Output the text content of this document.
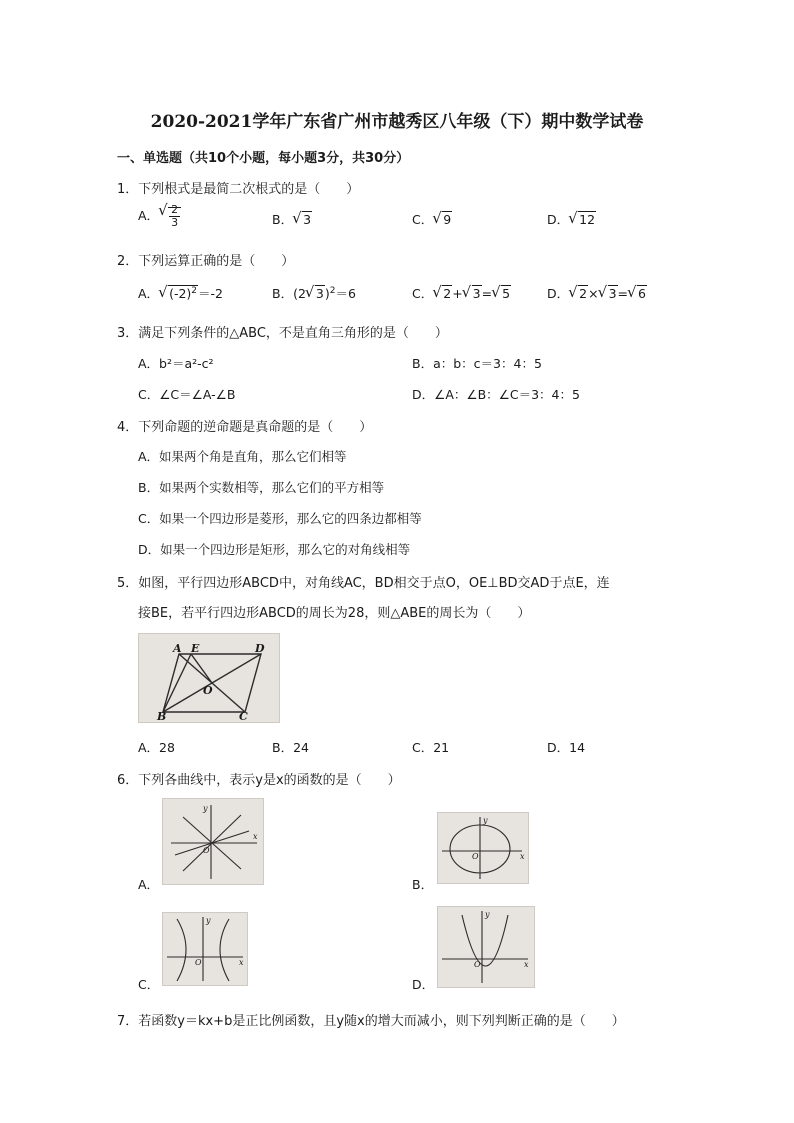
2020-2021学年广东省广州市越秀区八年级（下）期中数学试卷
一、单选题（共10个小题，每小题3分，共30分）
1．下列根式是最简二次根式的是（　　）
A． √ $\frac{2}{3}$	B． √ 3	C． √ 9	D． √ 12
2．下列运算正确的是（　　）
A． √ $(-2)^2=-2$	B．(2 √ 3)$^2$＝6	C． √ 2+ √ 3= √ 5	D． √ 2× √ 3= √ 6
3．满足下列条件的△ABC，不是直角三角形的是（　　）
A．b²＝a²-c²	B．a：b：c＝3：4：5
C．∠C＝∠A-∠B	D．∠A：∠B：∠C＝3：4：5
4．下列命题的逆命题是真命题的是（　　）
A．如果两个角是直角，那么它们相等
B．如果两个实数相等，那么它们的平方相等
C．如果一个四边形是菱形，那么它的四条边都相等
D．如果一个四边形是矩形，那么它的对角线相等
5．如图，平行四边形ABCD中，对角线AC，BD相交于点O，OE⊥BD交AD于点E，连
接BE，若平行四边形ABCD的周长为28，则△ABE的周长为（　　）
A E	D
O
B	C
A．28	B．24	C．21	D．14
6．下列各曲线中，表示y是x的函数的是（　　）
y
x
O
A．
y
x
O
B．
y
x
O
C．
y
x
O
D．
7．若函数y＝kx+b是正比例函数，且y随x的增大而减小，则下列判断正确的是（　　）
